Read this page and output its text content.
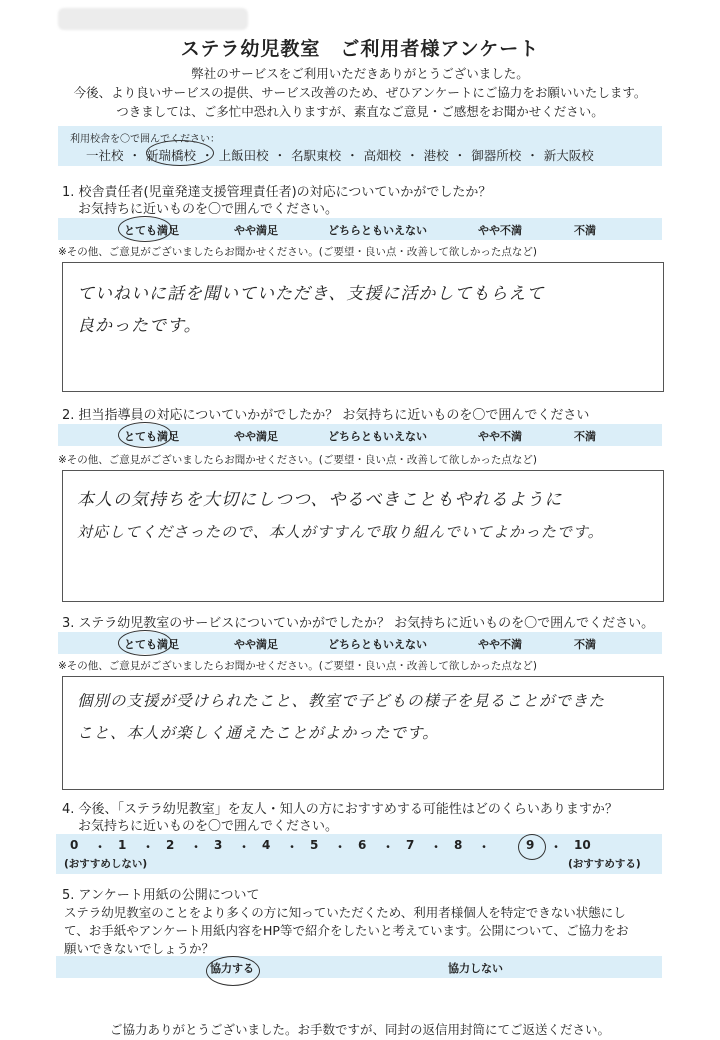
ステラ幼児教室　ご利用者様アンケート
弊社のサービスをご利用いただきありがとうございました。
今後、より良いサービスの提供、サービス改善のため、ぜひアンケートにご協力をお願いいたします。
つきましては、ご多忙中恐れ入りますが、素直なご意見・ご感想をお聞かせください。
利用校舎を〇で囲んでください：
一社校 ・ 新瑞橋校 ・ 上飯田校 ・ 名駅東校 ・ 高畑校 ・ 港校 ・ 御器所校 ・ 新大阪校
1. 校舎責任者(児童発達支援管理責任者)の対応についていかがでしたか？
お気持ちに近いものを〇で囲んでください。
とても満足	やや満足	どちらともいえない	やや不満	不満
※その他、ご意見がございましたらお聞かせください。(ご要望・良い点・改善して欲しかった点など)
ていねいに話を聞いていただき、支援に活かしてもらえて
良かったです。
2. 担当指導員の対応についていかがでしたか？ お気持ちに近いものを〇で囲んでください
とても満足	やや満足	どちらともいえない	やや不満	不満
※その他、ご意見がございましたらお聞かせください。(ご要望・良い点・改善して欲しかった点など)
本人の気持ちを大切にしつつ、やるべきこともやれるように
対応してくださったので、本人がすすんで取り組んでいてよかったです。
3. ステラ幼児教室のサービスについていかがでしたか？ お気持ちに近いものを〇で囲んでください。
とても満足	やや満足	どちらともいえない	やや不満	不満
※その他、ご意見がございましたらお聞かせください。(ご要望・良い点・改善して欲しかった点など)
個別の支援が受けられたこと、教室で子どもの様子を見ることができた
こと、本人が楽しく通えたことがよかったです。
4. 今後、「ステラ幼児教室」を友人・知人の方におすすめする可能性はどのくらいありますか？
お気持ちに近いものを〇で囲んでください。
0 ・ 1 ・ 2 ・ 3 ・ 4 ・ 5 ・ 6 ・ 7 ・ 8 ・	9 ・ 10
(おすすめしない)	(おすすめする)
5. アンケート用紙の公開について
ステラ幼児教室のことをより多くの方に知っていただくため、利用者様個人を特定できない状態にし
て、お手紙やアンケート用紙内容をHP等で紹介をしたいと考えています。公開について、ご協力をお
願いできないでしょうか？
協力する	協力しない
ご協力ありがとうございました。お手数ですが、同封の返信用封筒にてご返送ください。
